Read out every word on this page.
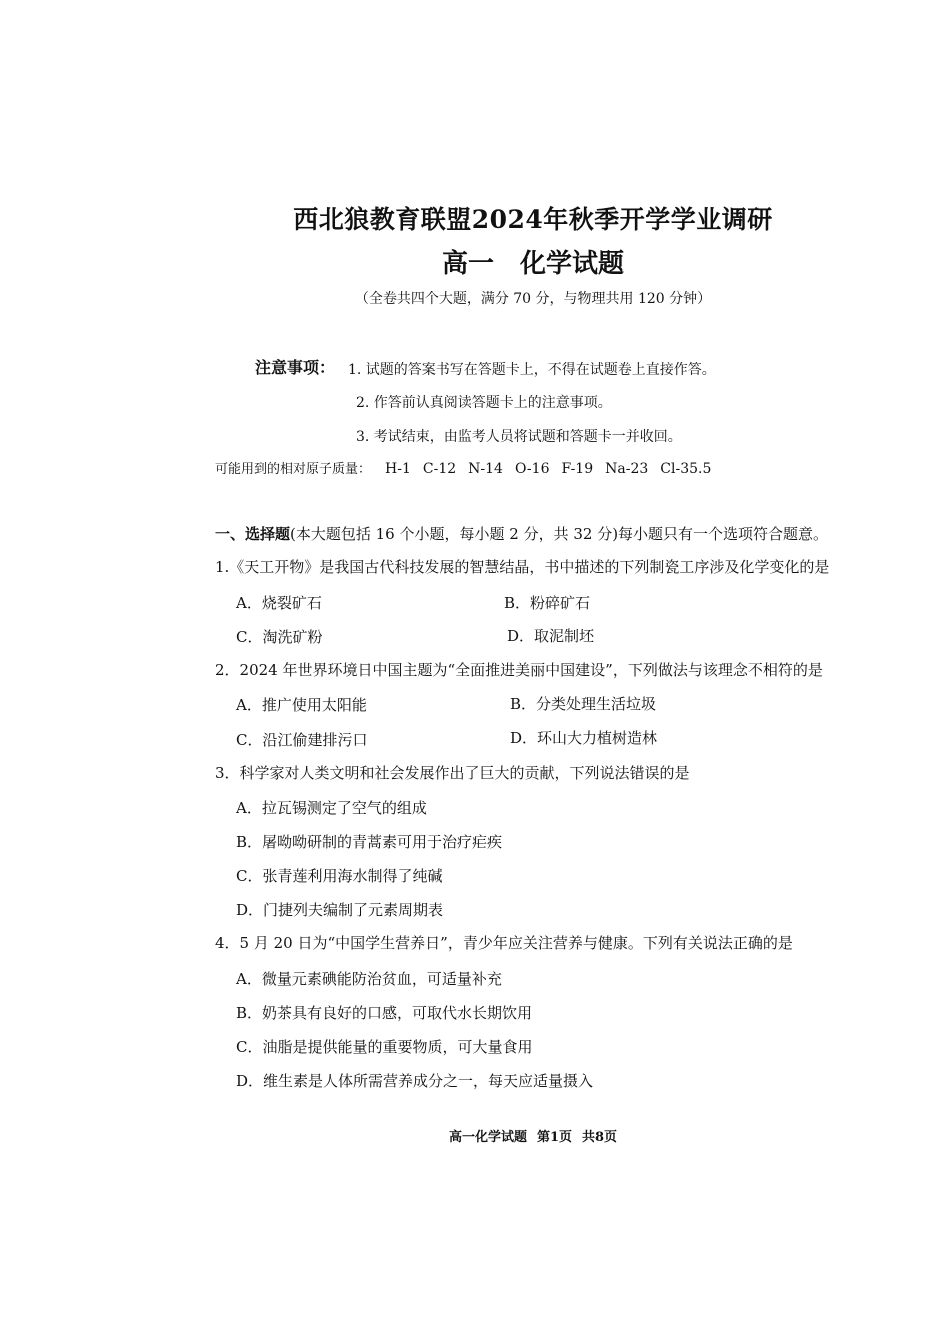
西北狼教育联盟2024年秋季开学学业调研
高一 化学试题
（全卷共四个大题，满分 70 分，与物理共用 120 分钟）
注意事项： 1. 试题的答案书写在答题卡上，不得在试题卷上直接作答。
2. 作答前认真阅读答题卡上的注意事项。
3. 考试结束，由监考人员将试题和答题卡一并收回。
可能用到的相对原子质量： H-1 C-12 N-14 O-16 F-19 Na-23 Cl-35.5
一、选择题(本大题包括 16 个小题，每小题 2 分，共 32 分)每小题只有一个选项符合题意。
1.《天工开物》是我国古代科技发展的智慧结晶，书中描述的下列制瓷工序涉及化学变化的是
A．烧裂矿石	B．粉碎矿石
C．淘洗矿粉	D．取泥制坯
2．2024 年世界环境日中国主题为“全面推进美丽中国建设”，下列做法与该理念不相符的是
A．推广使用太阳能	B．分类处理生活垃圾
C．沿江偷建排污口	D．环山大力植树造林
3．科学家对人类文明和社会发展作出了巨大的贡献，下列说法错误的是
A．拉瓦锡测定了空气的组成
B．屠呦呦研制的青蒿素可用于治疗疟疾
C．张青莲利用海水制得了纯碱
D．门捷列夫编制了元素周期表
4．5 月 20 日为“中国学生营养日”，青少年应关注营养与健康。下列有关说法正确的是
A．微量元素碘能防治贫血，可适量补充
B．奶茶具有良好的口感，可取代水长期饮用
C．油脂是提供能量的重要物质，可大量食用
D．维生素是人体所需营养成分之一，每天应适量摄入
高一化学试题 第1页 共8页
